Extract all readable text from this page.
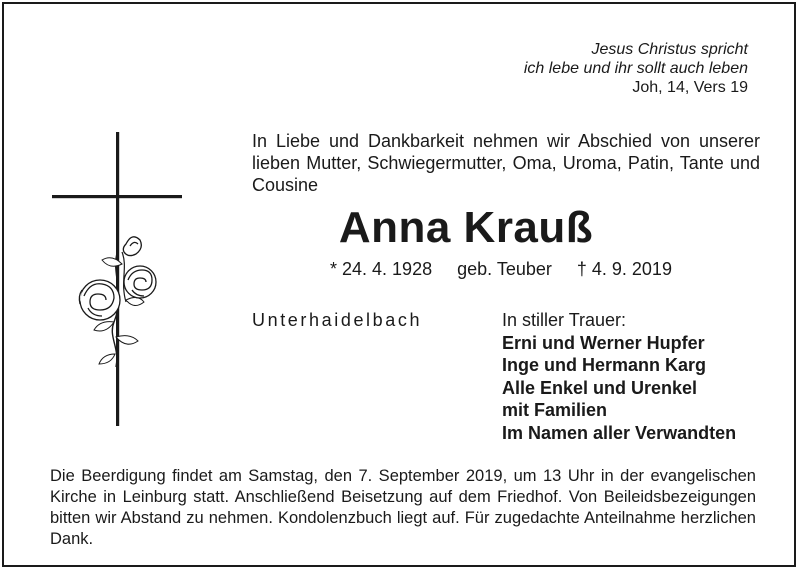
Jesus Christus spricht
ich lebe und ihr sollt auch leben
Joh, 14, Vers 19
In Liebe und Dankbarkeit nehmen wir Abschied von unserer lieben Mutter, Schwiegermutter, Oma, Uroma, Patin, Tante und Cousine
Anna Krauß
* 24. 4. 1928 geb. Teuber † 4. 9. 2019
Unterhaidelbach	In stiller Trauer:
Erni und Werner Hupfer
Inge und Hermann Karg
Alle Enkel und Urenkel
mit Familien
Im Namen aller Verwandten
Die Beerdigung findet am Samstag, den 7. September 2019, um 13 Uhr in der evangelischen Kirche in Leinburg statt. Anschließend Beisetzung auf dem Friedhof. Von Beileidsbezeigungen bitten wir Abstand zu nehmen. Kondolenzbuch liegt auf. Für zugedachte Anteilnahme herzlichen Dank.
